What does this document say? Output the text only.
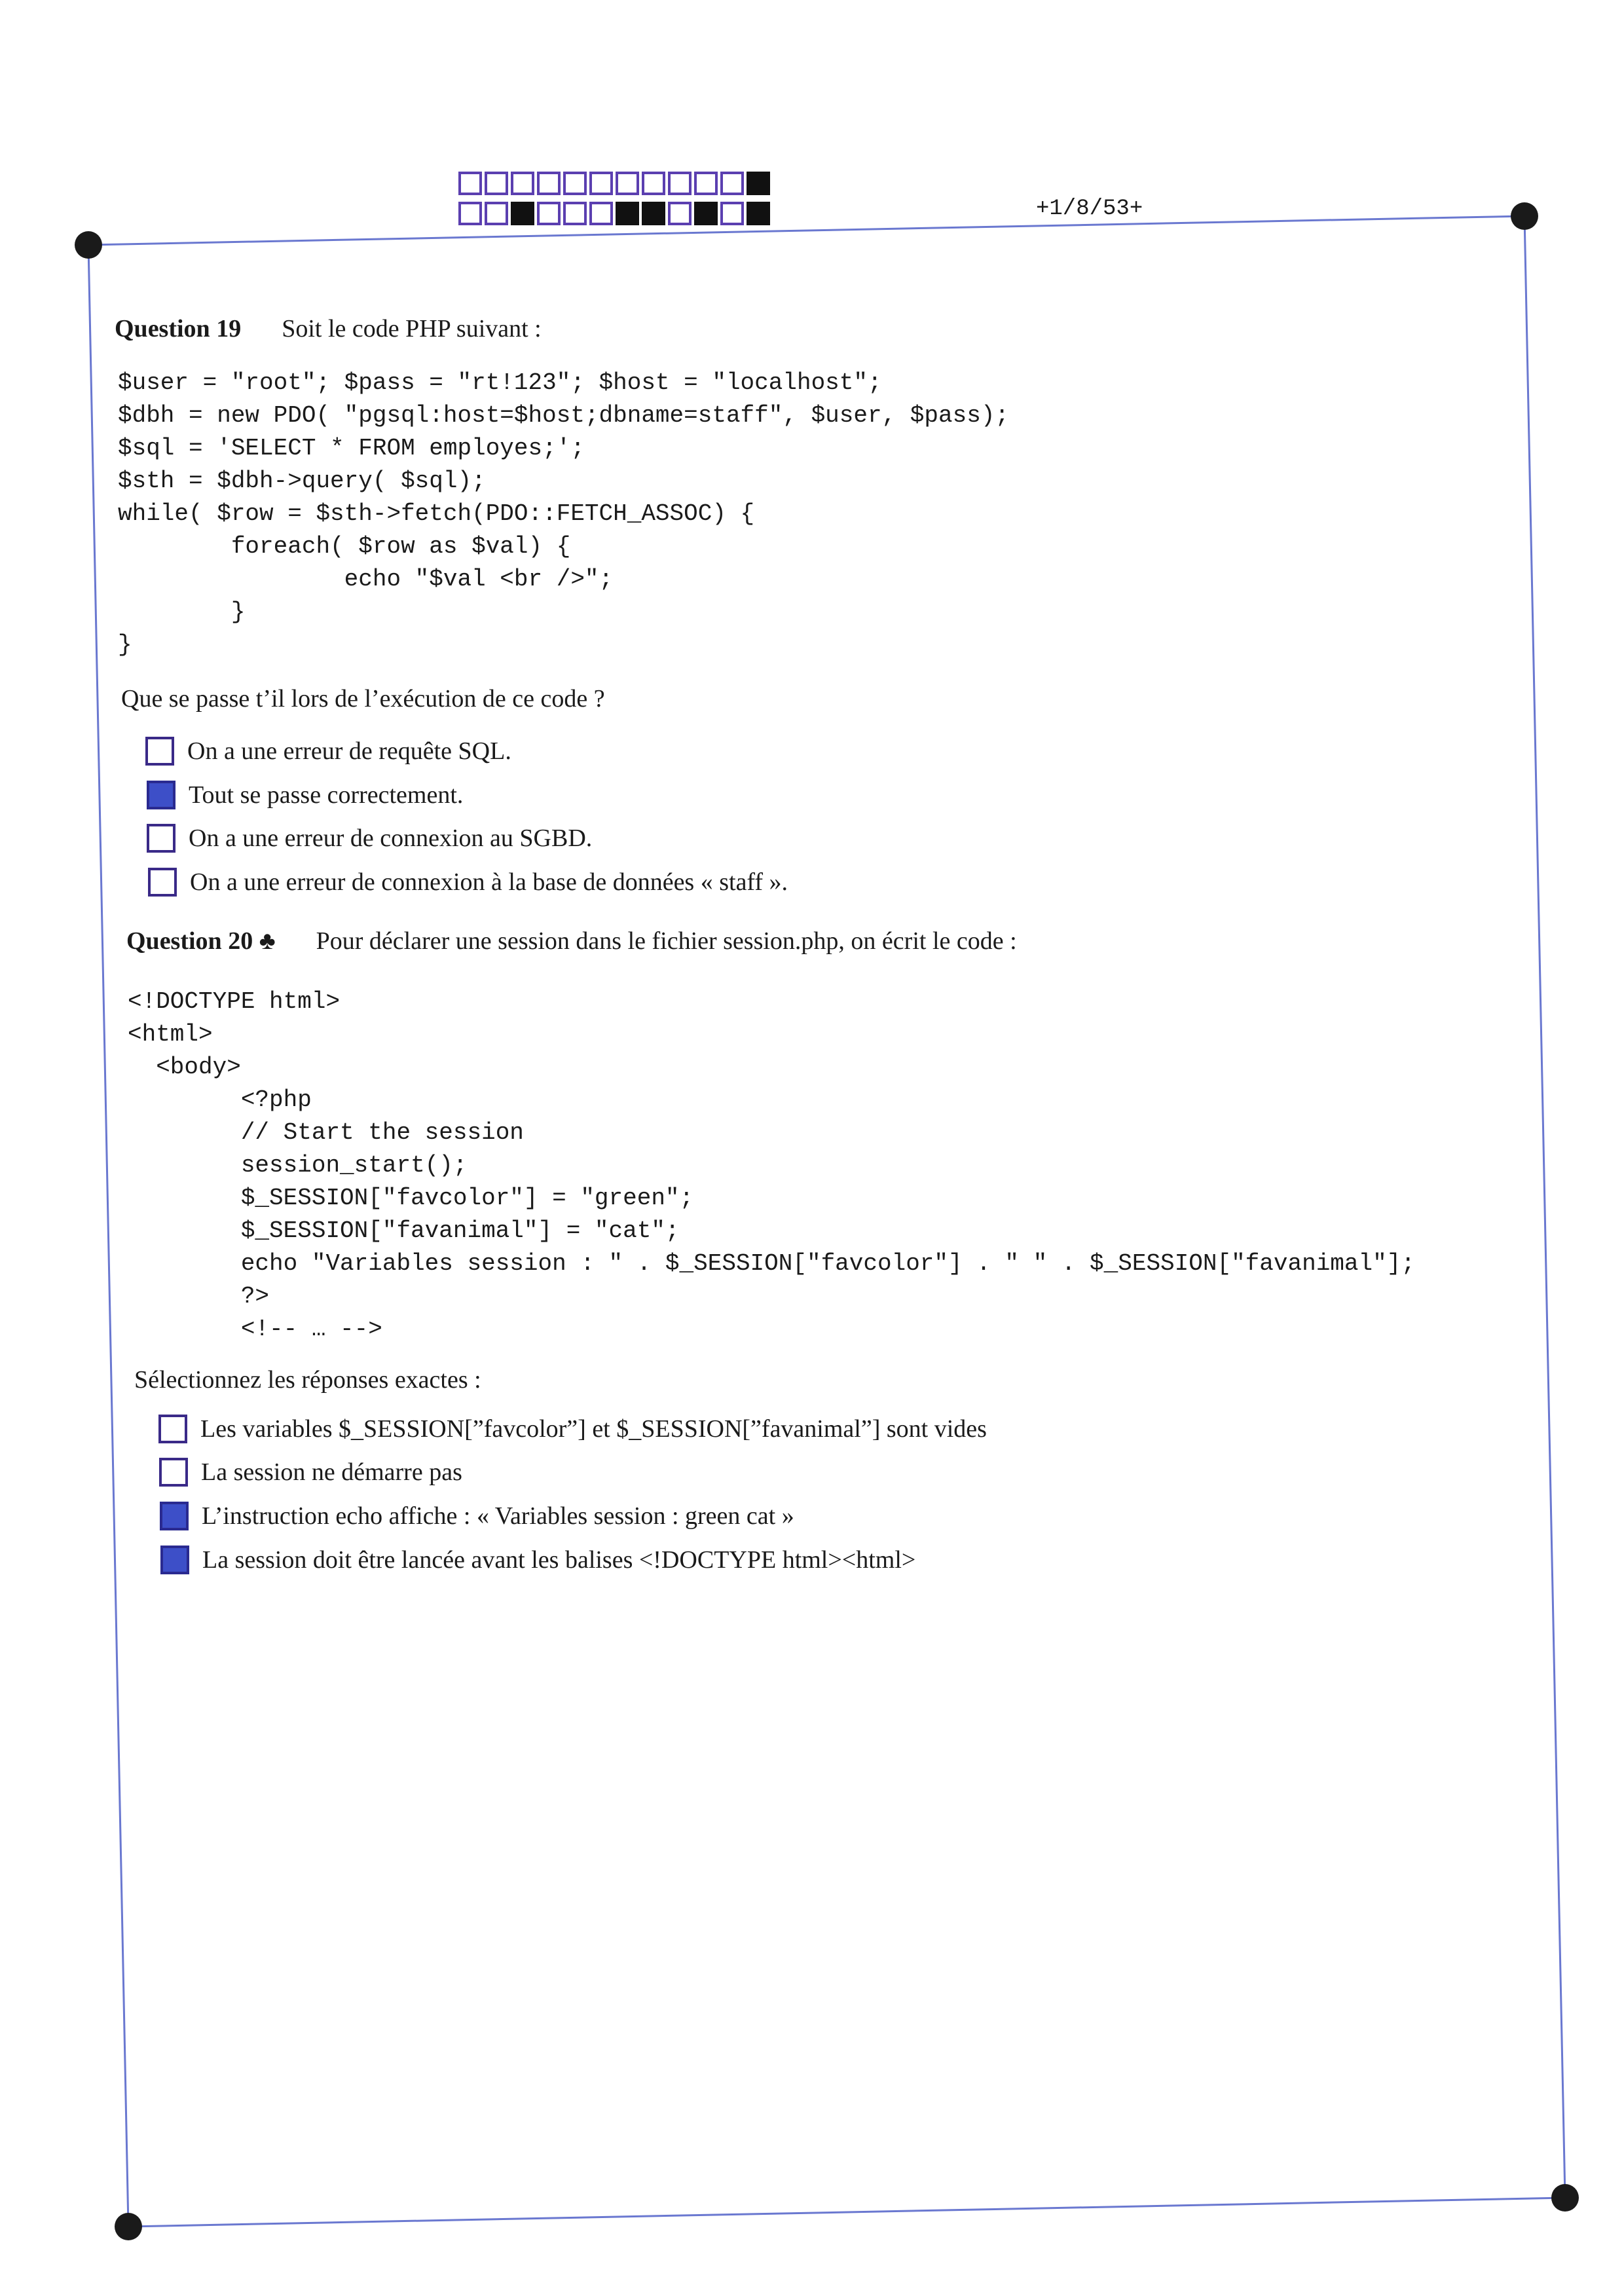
+1/8/53+
Question 19 Soit le code PHP suivant :
$user = "root"; $pass = "rt!123"; $host = "localhost";
$dbh = new PDO( "pgsql:host=$host;dbname=staff", $user, $pass);
$sql = 'SELECT * FROM employes;';
$sth = $dbh->query( $sql);
while( $row = $sth->fetch(PDO::FETCH_ASSOC) {
foreach( $row as $val) {
echo "$val <br />";
}
}
Que se passe t’il lors de l’exécution de ce code ?
On a une erreur de requête SQL.
Tout se passe correctement.
On a une erreur de connexion au SGBD.
On a une erreur de connexion à la base de données « staff ».
Question 20 ♣ Pour déclarer une session dans le fichier session.php, on écrit le code :
<!DOCTYPE html>
<html>
<body>
<?php
// Start the session
session_start();
$_SESSION["favcolor"] = "green";
$_SESSION["favanimal"] = "cat";
echo "Variables session : " . $_SESSION["favcolor"] . " " . $_SESSION["favanimal"];
?>
<!-- … -->
Sélectionnez les réponses exactes :
Les variables $_SESSION[”favcolor”] et $_SESSION[”favanimal”] sont vides
La session ne démarre pas
L’instruction echo affiche : « Variables session : green cat »
La session doit être lancée avant les balises <!DOCTYPE html><html>
